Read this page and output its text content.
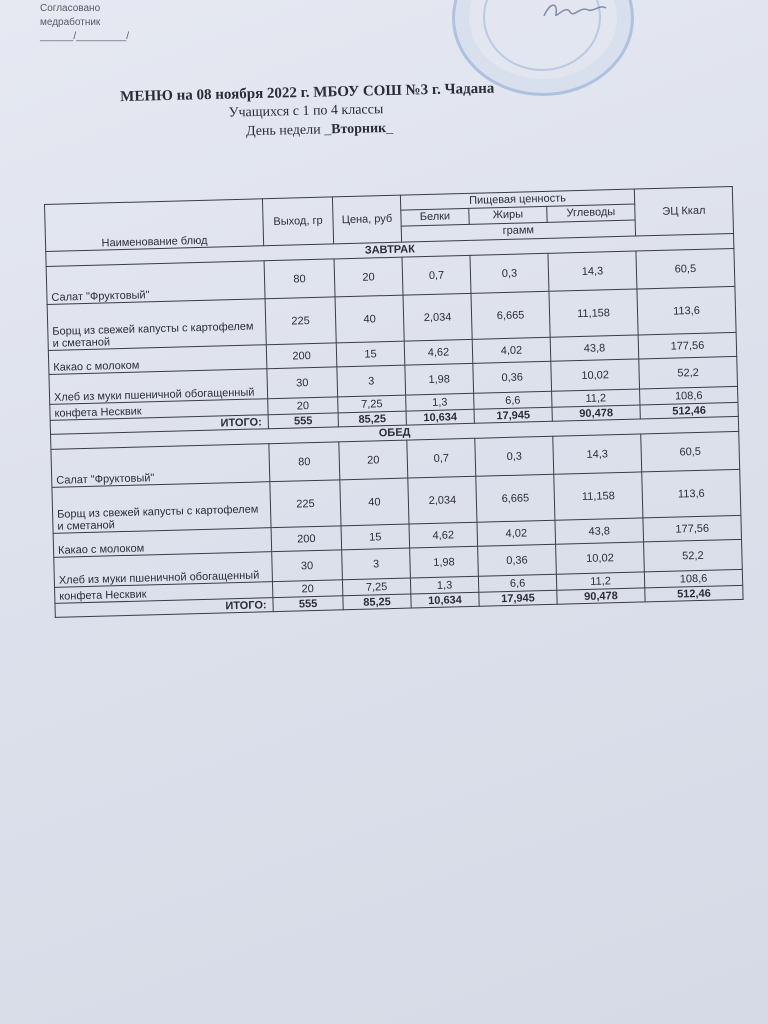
Согласовано
медработник
______/_________/
МЕНЮ на 08 ноября 2022 г. МБОУ СОШ №3 г. Чадана
Учащихся с 1 по 4 классы
День недели _Вторник_
Наименование блюд	Выход, гр	Цена, руб	Пищевая ценность			ЭЦ Ккал
			Белки	Жиры	Углеводы	
			грамм			
ЗАВТРАК						
Салат "Фруктовый"	80	20	0,7	0,3	14,3	60,5
Борщ из свежей капусты с картофелем и сметаной	225	40	2,034	6,665	11,158	113,6
Какао с молоком	200	15	4,62	4,02	43,8	177,56
Хлеб из муки пшеничной обогащенный	30	3	1,98	0,36	10,02	52,2
конфета Несквик	20	7,25	1,3	6,6	11,2	108,6
ИТОГО:	555	85,25	10,634	17,945	90,478	512,46
ОБЕД						
Салат "Фруктовый"	80	20	0,7	0,3	14,3	60,5
Борщ из свежей капусты с картофелем и сметаной	225	40	2,034	6,665	11,158	113,6
Какао с молоком	200	15	4,62	4,02	43,8	177,56
Хлеб из муки пшеничной обогащенный	30	3	1,98	0,36	10,02	52,2
конфета Несквик	20	7,25	1,3	6,6	11,2	108,6
ИТОГО:	555	85,25	10,634	17,945	90,478	512,46
